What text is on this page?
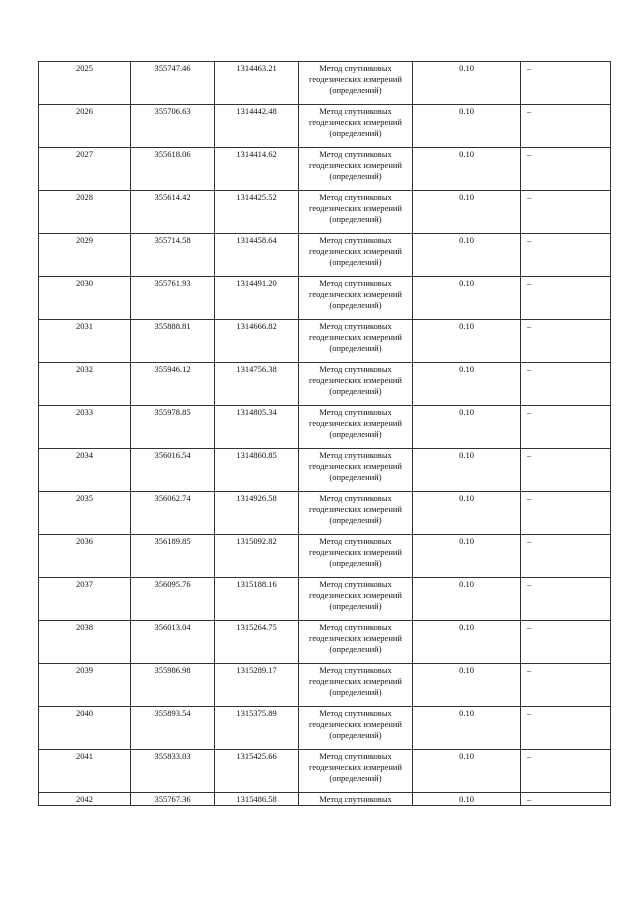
2025	355747.46	1314463.21	Метод спутниковых геодезических измерений (определений)	0.10	–
2026	355706.63	1314442.48	Метод спутниковых геодезических измерений (определений)	0.10	–
2027	355618.06	1314414.62	Метод спутниковых геодезических измерений (определений)	0.10	–
2028	355614.42	1314425.52	Метод спутниковых геодезических измерений (определений)	0.10	–
2029	355714.58	1314458.64	Метод спутниковых геодезических измерений (определений)	0.10	–
2030	355761.93	1314491.20	Метод спутниковых геодезических измерений (определений)	0.10	–
2031	355888.81	1314666.82	Метод спутниковых геодезических измерений (определений)	0.10	–
2032	355946.12	1314756.38	Метод спутниковых геодезических измерений (определений)	0.10	–
2033	355978.85	1314805.34	Метод спутниковых геодезических измерений (определений)	0.10	–
2034	356016.54	1314860.85	Метод спутниковых геодезических измерений (определений)	0.10	–
2035	356062.74	1314926.58	Метод спутниковых геодезических измерений (определений)	0.10	–
2036	356189.85	1315092.82	Метод спутниковых геодезических измерений (определений)	0.10	–
2037	356095.76	1315188.16	Метод спутниковых геодезических измерений (определений)	0.10	–
2038	356013.04	1315264.75	Метод спутниковых геодезических измерений (определений)	0.10	–
2039	355986.98	1315289.17	Метод спутниковых геодезических измерений (определений)	0.10	–
2040	355893.54	1315375.89	Метод спутниковых геодезических измерений (определений)	0.10	–
2041	355833.03	1315425.66	Метод спутниковых геодезических измерений (определений)	0.10	–
2042	355767.36	1315486.58	Метод спутниковых	0.10	–
